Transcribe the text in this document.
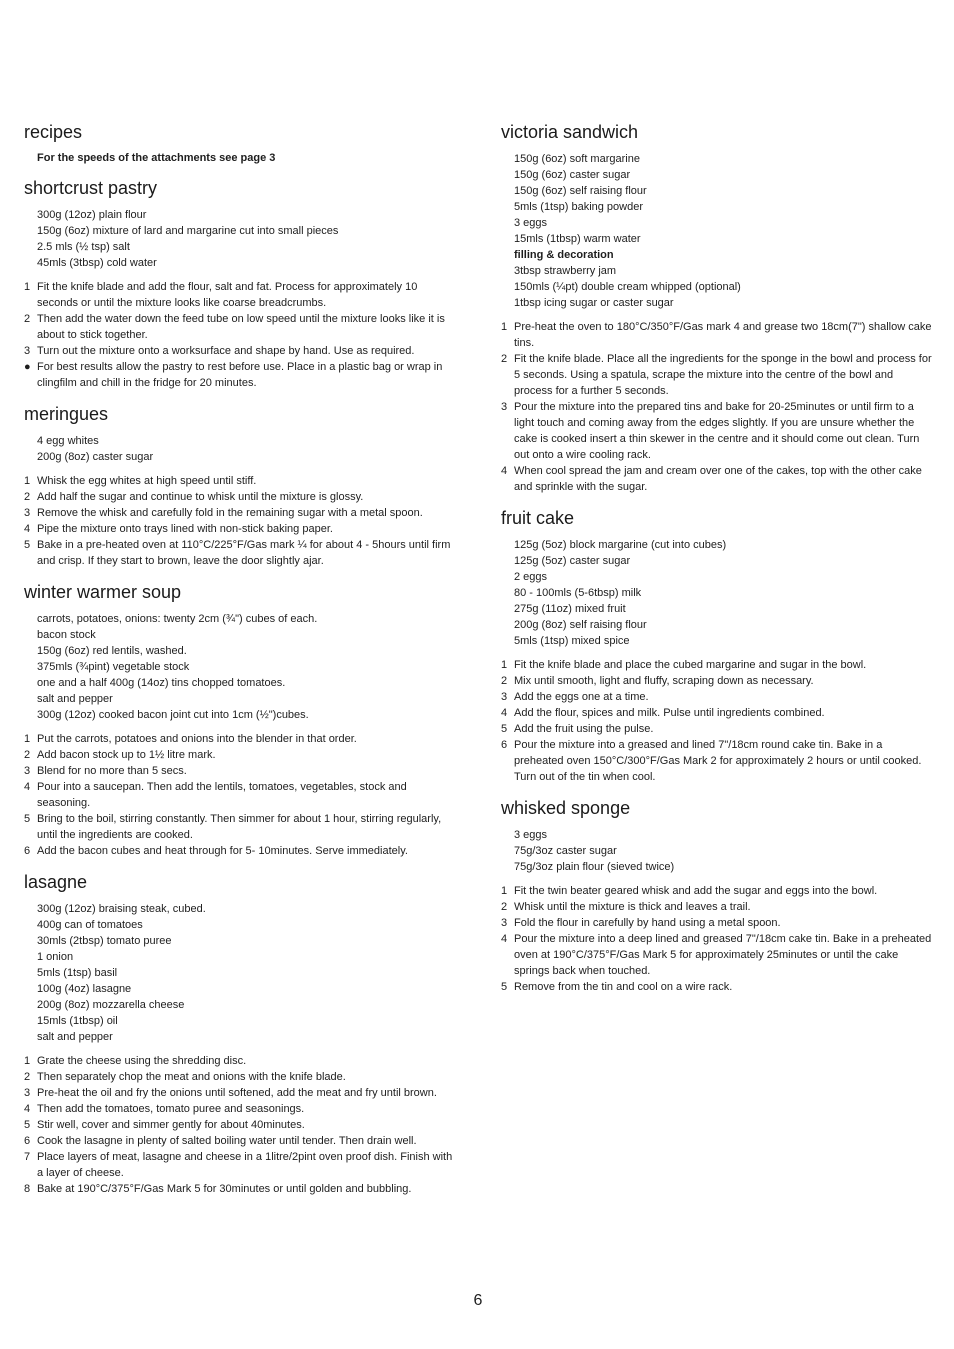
recipes
For the speeds of the attachments see page 3
shortcrust pastry
300g (12oz) plain flour
150g (6oz) mixture of lard and margarine cut into small pieces
2.5 mls (½ tsp) salt
45mls (3tbsp) cold water
1 Fit the knife blade and add the flour, salt and fat. Process for approximately 10 seconds or until the mixture looks like coarse breadcrumbs.
2 Then add the water down the feed tube on low speed until the mixture looks like it is about to stick together.
3 Turn out the mixture onto a worksurface and shape by hand. Use as required.
● For best results allow the pastry to rest before use. Place in a plastic bag or wrap in clingfilm and chill in the fridge for 20 minutes.
meringues
4 egg whites
200g (8oz) caster sugar
1 Whisk the egg whites at high speed until stiff.
2 Add half the sugar and continue to whisk until the mixture is glossy.
3 Remove the whisk and carefully fold in the remaining sugar with a metal spoon.
4 Pipe the mixture onto trays lined with non-stick baking paper.
5 Bake in a pre-heated oven at 110°C/225°F/Gas mark ¼ for about 4 - 5hours until firm and crisp. If they start to brown, leave the door slightly ajar.
winter warmer soup
carrots, potatoes, onions: twenty 2cm (¾") cubes of each.
bacon stock
150g (6oz) red lentils, washed.
375mls (¾pint) vegetable stock
one and a half 400g (14oz) tins chopped tomatoes.
salt and pepper
300g (12oz) cooked bacon joint cut into 1cm (½")cubes.
1 Put the carrots, potatoes and onions into the blender in that order.
2 Add bacon stock up to 1½ litre mark.
3 Blend for no more than 5 secs.
4 Pour into a saucepan. Then add the lentils, tomatoes, vegetables, stock and seasoning.
5 Bring to the boil, stirring constantly. Then simmer for about 1 hour, stirring regularly, until the ingredients are cooked.
6 Add the bacon cubes and heat through for 5- 10minutes. Serve immediately.
lasagne
300g (12oz) braising steak, cubed.
400g can of tomatoes
30mls (2tbsp) tomato puree
1 onion
5mls (1tsp) basil
100g (4oz) lasagne
200g (8oz) mozzarella cheese
15mls (1tbsp) oil
salt and pepper
1 Grate the cheese using the shredding disc.
2 Then separately chop the meat and onions with the knife blade.
3 Pre-heat the oil and fry the onions until softened, add the meat and fry until brown.
4 Then add the tomatoes, tomato puree and seasonings.
5 Stir well, cover and simmer gently for about 40minutes.
6 Cook the lasagne in plenty of salted boiling water until tender. Then drain well.
7 Place layers of meat, lasagne and cheese in a 1litre/2pint oven proof dish. Finish with a layer of cheese.
8 Bake at 190°C/375°F/Gas Mark 5 for 30minutes or until golden and bubbling.
victoria sandwich
150g (6oz) soft margarine
150g (6oz) caster sugar
150g (6oz) self raising flour
5mls (1tsp) baking powder
3 eggs
15mls (1tbsp) warm water
filling & decoration
3tbsp strawberry jam
150mls (¼pt) double cream whipped (optional)
1tbsp icing sugar or caster sugar
1 Pre-heat the oven to 180°C/350°F/Gas mark 4 and grease two 18cm(7") shallow cake tins.
2 Fit the knife blade. Place all the ingredients for the sponge in the bowl and process for 5 seconds. Using a spatula, scrape the mixture into the centre of the bowl and process for a further 5 seconds.
3 Pour the mixture into the prepared tins and bake for 20-25minutes or until firm to a light touch and coming away from the edges slightly. If you are unsure whether the cake is cooked insert a thin skewer in the centre and it should come out clean. Turn out onto a wire cooling rack.
4 When cool spread the jam and cream over one of the cakes, top with the other cake and sprinkle with the sugar.
fruit cake
125g (5oz) block margarine (cut into cubes)
125g (5oz) caster sugar
2 eggs
80 - 100mls (5-6tbsp) milk
275g (11oz) mixed fruit
200g (8oz) self raising flour
5mls (1tsp) mixed spice
1 Fit the knife blade and place the cubed margarine and sugar in the bowl.
2 Mix until smooth, light and fluffy, scraping down as necessary.
3 Add the eggs one at a time.
4 Add the flour, spices and milk. Pulse until ingredients combined.
5 Add the fruit using the pulse.
6 Pour the mixture into a greased and lined 7"/18cm round cake tin. Bake in a preheated oven 150°C/300°F/Gas Mark 2 for approximately 2 hours or until cooked. Turn out of the tin when cool.
whisked sponge
3 eggs
75g/3oz caster sugar
75g/3oz plain flour (sieved twice)
1 Fit the twin beater geared whisk and add the sugar and eggs into the bowl.
2 Whisk until the mixture is thick and leaves a trail.
3 Fold the flour in carefully by hand using a metal spoon.
4 Pour the mixture into a deep lined and greased 7"/18cm cake tin. Bake in a preheated oven at 190°C/375°F/Gas Mark 5 for approximately 25minutes or until the cake springs back when touched.
5 Remove from the tin and cool on a wire rack.
6
